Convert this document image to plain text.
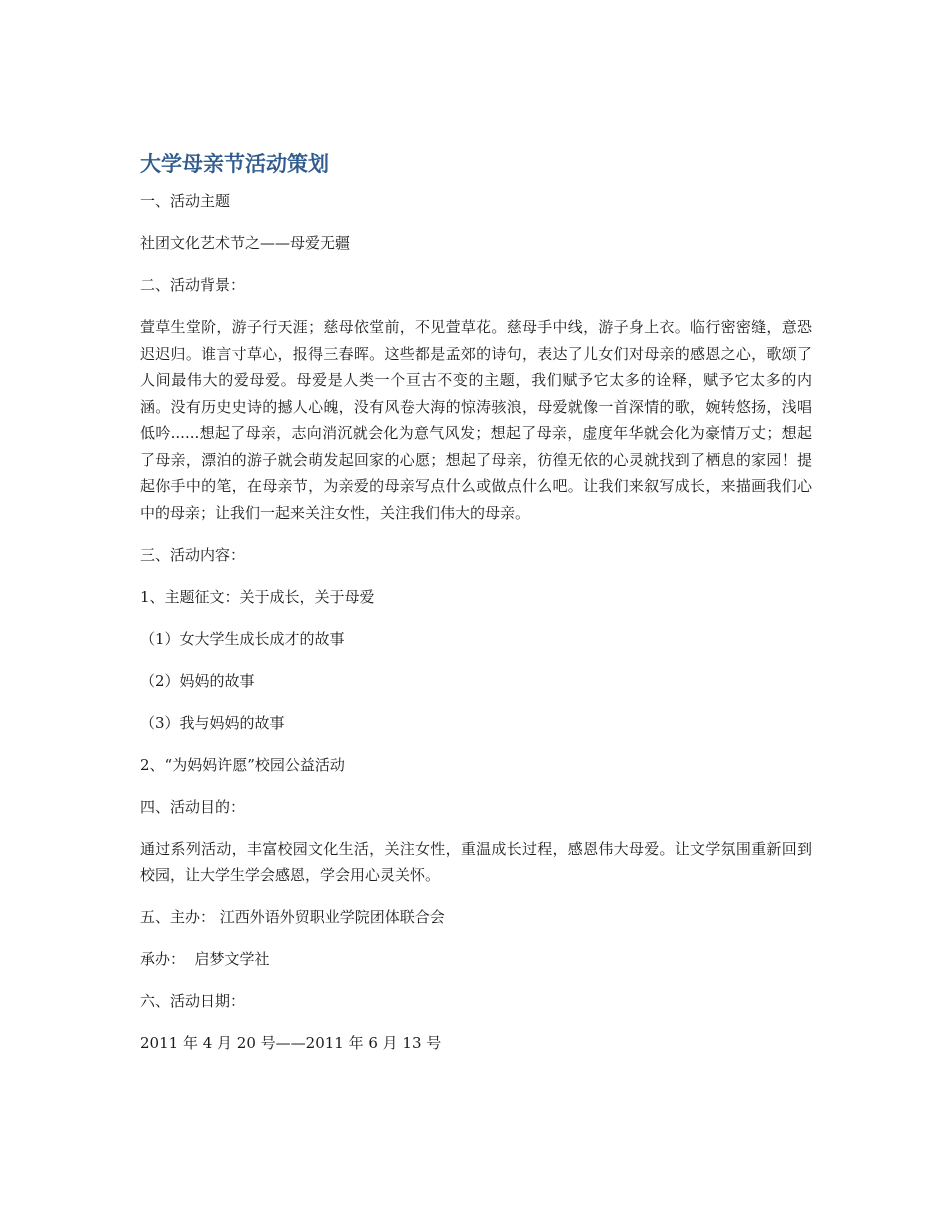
大学母亲节活动策划

一、活动主题

社团文化艺术节之——母爱无疆

二、活动背景：

萱草生堂阶，游子行天涯；慈母依堂前，不见萱草花。慈母手中线，游子身上衣。临行密密缝，意恐迟迟归。谁言寸草心，报得三春晖。这些都是孟郊的诗句，表达了儿女们对母亲的感恩之心，歌颂了人间最伟大的爱母爱。母爱是人类一个亘古不变的主题，我们赋予它太多的诠释，赋予它太多的内涵。没有历史史诗的撼人心魄，没有风卷大海的惊涛骇浪，母爱就像一首深情的歌，婉转悠扬，浅唱低吟......想起了母亲，志向消沉就会化为意气风发；想起了母亲，虚度年华就会化为豪情万丈；想起了母亲，漂泊的游子就会萌发起回家的心愿；想起了母亲，彷徨无依的心灵就找到了栖息的家园！提起你手中的笔，在母亲节，为亲爱的母亲写点什么或做点什么吧。让我们来叙写成长，来描画我们心中的母亲；让我们一起来关注女性，关注我们伟大的母亲。

三、活动内容：

1、主题征文：关于成长，关于母爱

（1）女大学生成长成才的故事

（2）妈妈的故事

（3）我与妈妈的故事

2、“为妈妈许愿”校园公益活动

四、活动目的：

通过系列活动，丰富校园文化生活，关注女性，重温成长过程，感恩伟大母爱。让文学氛围重新回到校园，让大学生学会感恩，学会用心灵关怀。

五、主办： 江西外语外贸职业学院团体联合会

承办：  启梦文学社

六、活动日期：

2011 年 4 月 20 号——2011 年 6 月 13 号
